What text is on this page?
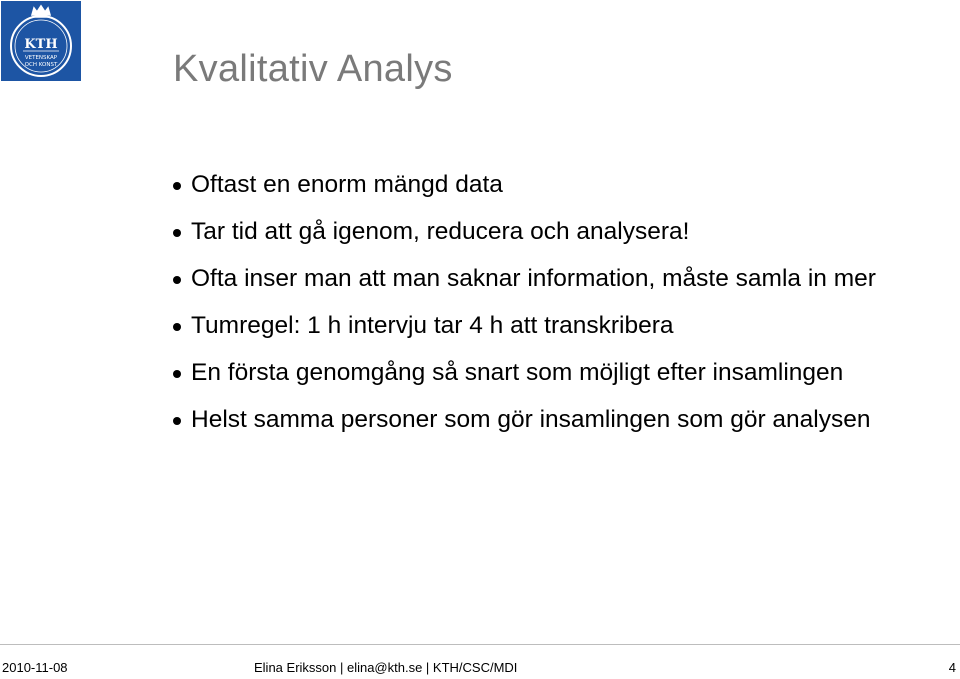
KTH
VETENSKAP
OCH KONST	Kvalitativ Analys
Oftast en enorm mängd data
Tar tid att gå igenom, reducera och analysera!
Ofta inser man att man saknar information, måste samla in mer
Tumregel: 1 h intervju tar 4 h att transkribera
En första genomgång så snart som möjligt efter insamlingen
Helst samma personer som gör insamlingen som gör analysen
2010-11-08	Elina Eriksson | elina@kth.se | KTH/CSC/MDI	4
